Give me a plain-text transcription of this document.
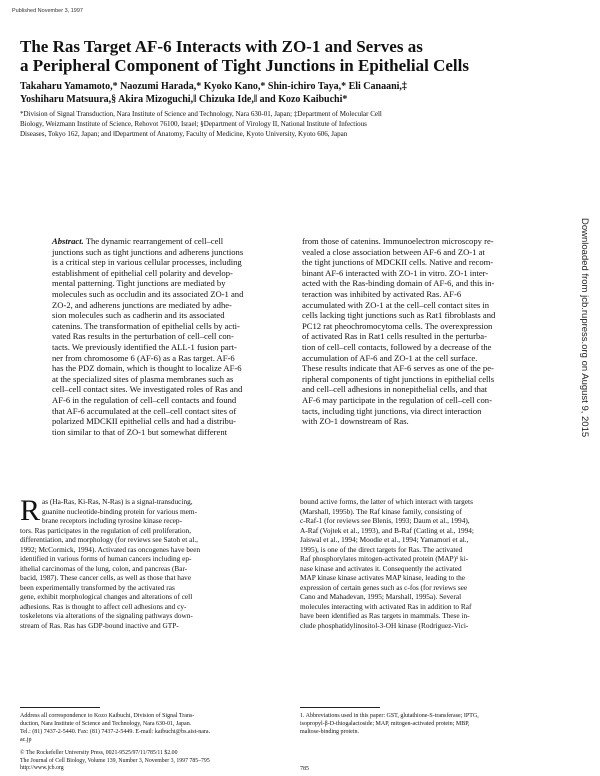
Published November 3, 1997
The Ras Target AF-6 Interacts with ZO-1 and Serves as
a Peripheral Component of Tight Junctions in Epithelial Cells
Takaharu Yamamoto,* Naozumi Harada,* Kyoko Kano,* Shin-ichiro Taya,* Eli Canaani,‡
Yoshiharu Matsuura,§ Akira Mizoguchi,‖ Chizuka Ide,‖ and Kozo Kaibuchi*
*Division of Signal Transduction, Nara Institute of Science and Technology, Nara 630-01, Japan; ‡Department of Molecular Cell
Biology, Weizmann Institute of Science, Rehovot 76100, Israel; §Department of Virology II, National Institute of Infectious
Diseases, Tokyo 162, Japan; and ‖Department of Anatomy, Faculty of Medicine, Kyoto University, Kyoto 606, Japan
Abstract. The dynamic rearrangement of cell–cell
junctions such as tight junctions and adherens junctions
is a critical step in various cellular processes, including
establishment of epithelial cell polarity and develop-
mental patterning. Tight junctions are mediated by
molecules such as occludin and its associated ZO-1 and
ZO-2, and adherens junctions are mediated by adhe-
sion molecules such as cadherin and its associated
catenins. The transformation of epithelial cells by acti-
vated Ras results in the perturbation of cell–cell con-
tacts. We previously identified the ALL-1 fusion part-
ner from chromosome 6 (AF-6) as a Ras target. AF-6
has the PDZ domain, which is thought to localize AF-6
at the specialized sites of plasma membranes such as
cell–cell contact sites. We investigated roles of Ras and
AF-6 in the regulation of cell–cell contacts and found
that AF-6 accumulated at the cell–cell contact sites of
polarized MDCKII epithelial cells and had a distribu-
tion similar to that of ZO-1 but somewhat different
from those of catenins. Immunoelectron microscopy re-
vealed a close association between AF-6 and ZO-1 at
the tight junctions of MDCKII cells. Native and recom-
binant AF-6 interacted with ZO-1 in vitro. ZO-1 inter-
acted with the Ras-binding domain of AF-6, and this in-
teraction was inhibited by activated Ras. AF-6
accumulated with ZO-1 at the cell–cell contact sites in
cells lacking tight junctions such as Rat1 fibroblasts and
PC12 rat pheochromocytoma cells. The overexpression
of activated Ras in Rat1 cells resulted in the perturba-
tion of cell–cell contacts, followed by a decrease of the
accumulation of AF-6 and ZO-1 at the cell surface.
These results indicate that AF-6 serves as one of the pe-
ripheral components of tight junctions in epithelial cells
and cell–cell adhesions in nonepithelial cells, and that
AF-6 may participate in the regulation of cell–cell con-
tacts, including tight junctions, via direct interaction
with ZO-1 downstream of Ras.	Downloaded from jcb.rupress.org on August 9, 2015
R as (Ha-Ras, Ki-Ras, N-Ras) is a signal-transducing,
guanine nucleotide-binding protein for various mem-
brane receptors including tyrosine kinase recep-
tors. Ras participates in the regulation of cell proliferation,
differentiation, and morphology (for reviews see Satoh et al.,
1992; McCormick, 1994). Activated ras oncogenes have been
identified in various forms of human cancers including ep-
ithelial carcinomas of the lung, colon, and pancreas (Bar-
bacid, 1987). These cancer cells, as well as those that have
been experimentally transformed by the activated ras
gene, exhibit morphological changes and alterations of cell
adhesions. Ras is thought to affect cell adhesions and cy-
toskeletons via alterations of the signaling pathways down-
stream of Ras. Ras has GDP-bound inactive and GTP-
bound active forms, the latter of which interact with targets
(Marshall, 1995b). The Raf kinase family, consisting of
c-Raf-1 (for reviews see Blenis, 1993; Daum et al., 1994),
A-Raf (Vojtek et al., 1993), and B-Raf (Catling et al., 1994;
Jaiswal et al., 1994; Moodie et al., 1994; Yamamori et al.,
1995), is one of the direct targets for Ras. The activated
Raf phosphorylates mitogen-activated protein (MAP)¹ ki-
nase kinase and activates it. Consequently the activated
MAP kinase kinase activates MAP kinase, leading to the
expression of certain genes such as c-fos (for reviews see
Cano and Mahadevan, 1995; Marshall, 1995a). Several
molecules interacting with activated Ras in addition to Raf
have been identified as Ras targets in mammals. These in-
clude phosphatidylinositol-3-OH kinase (Rodriguez-Vici-
Address all correspondence to Kozo Kaibuchi, Division of Signal Trans-
duction, Nara Institute of Science and Technology, Nara 630-01, Japan.
Tel.: (81) 7437-2-5440. Fax: (81) 7437-2-5449. E-mail: kaibuchi@bs.aist-nara.
ac.jp
1. Abbreviations used in this paper: GST, glutathione-S-transferase; IPTG,
isopropyl-β-D-thiogalactoside; MAP, mitogen-activated protein; MBP,
maltose-binding protein.
© The Rockefeller University Press, 0021-9525/97/11/785/11 $2.00
The Journal of Cell Biology, Volume 139, Number 3, November 3, 1997 785–795
http://www.jcb.org	785
